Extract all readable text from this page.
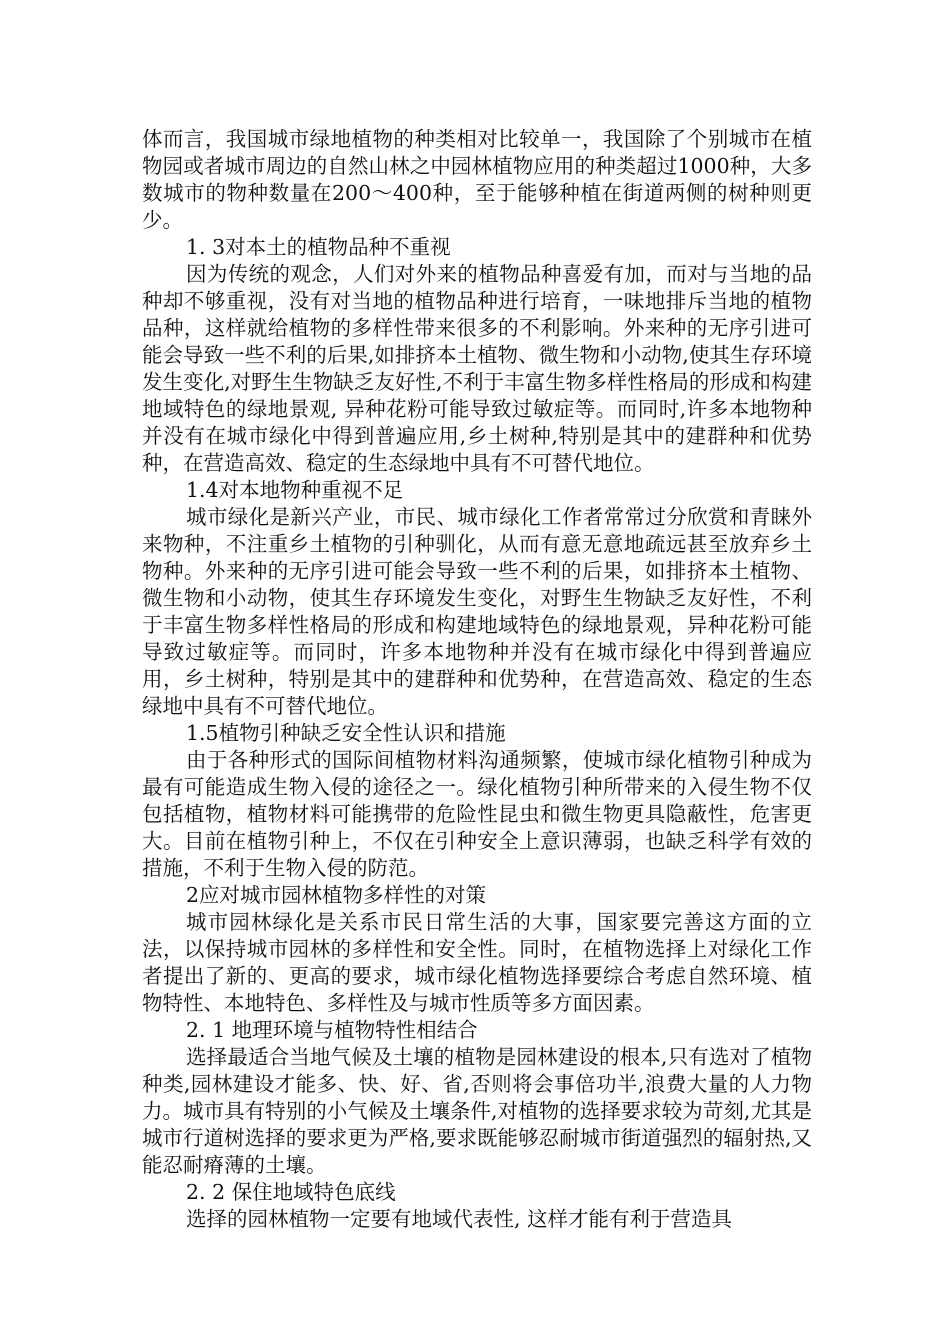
体而言，我国城市绿地植物的种类相对比较单一，我国除了个别城市在植物园或者城市周边的自然山林之中园林植物应用的种类超过1000种，大多数城市的物种数量在200～400种，至于能够种植在街道两侧的树种则更少。

1. 3对本土的植物品种不重视

因为传统的观念，人们对外来的植物品种喜爱有加，而对与当地的品种却不够重视，没有对当地的植物品种进行培育，一味地排斥当地的植物品种，这样就给植物的多样性带来很多的不利影响。外来种的无序引进可能会导致一些不利的后果,如排挤本土植物、微生物和小动物,使其生存环境发生变化,对野生生物缺乏友好性,不利于丰富生物多样性格局的形成和构建地域特色的绿地景观, 异种花粉可能导致过敏症等。而同时,许多本地物种并没有在城市绿化中得到普遍应用,乡土树种,特别是其中的建群种和优势种，在营造高效、稳定的生态绿地中具有不可替代地位。

1.4对本地物种重视不足

城市绿化是新兴产业，市民、城市绿化工作者常常过分欣赏和青睐外来物种，不注重乡土植物的引种驯化，从而有意无意地疏远甚至放弃乡土物种。外来种的无序引进可能会导致一些不利的后果，如排挤本土植物、微生物和小动物，使其生存环境发生变化，对野生生物缺乏友好性，不利于丰富生物多样性格局的形成和构建地域特色的绿地景观，异种花粉可能导致过敏症等。而同时，许多本地物种并没有在城市绿化中得到普遍应用，乡土树种，特别是其中的建群种和优势种，在营造高效、稳定的生态绿地中具有不可替代地位。

1.5植物引种缺乏安全性认识和措施

由于各种形式的国际间植物材料沟通频繁，使城市绿化植物引种成为最有可能造成生物入侵的途径之一。绿化植物引种所带来的入侵生物不仅包括植物，植物材料可能携带的危险性昆虫和微生物更具隐蔽性，危害更大。目前在植物引种上，不仅在引种安全上意识薄弱，也缺乏科学有效的措施，不利于生物入侵的防范。

2应对城市园林植物多样性的对策

城市园林绿化是关系市民日常生活的大事，国家要完善这方面的立法，以保持城市园林的多样性和安全性。同时，在植物选择上对绿化工作者提出了新的、更高的要求，城市绿化植物选择要综合考虑自然环境、植物特性、本地特色、多样性及与城市性质等多方面因素。

2. 1 地理环境与植物特性相结合

选择最适合当地气候及土壤的植物是园林建设的根本,只有选对了植物种类,园林建设才能多、快、好、省,否则将会事倍功半,浪费大量的人力物力。城市具有特别的小气候及土壤条件,对植物的选择要求较为苛刻,尤其是城市行道树选择的要求更为严格,要求既能够忍耐城市街道强烈的辐射热,又能忍耐瘠薄的土壤。

2. 2 保住地域特色底线

选择的园林植物一定要有地域代表性, 这样才能有利于营造具
